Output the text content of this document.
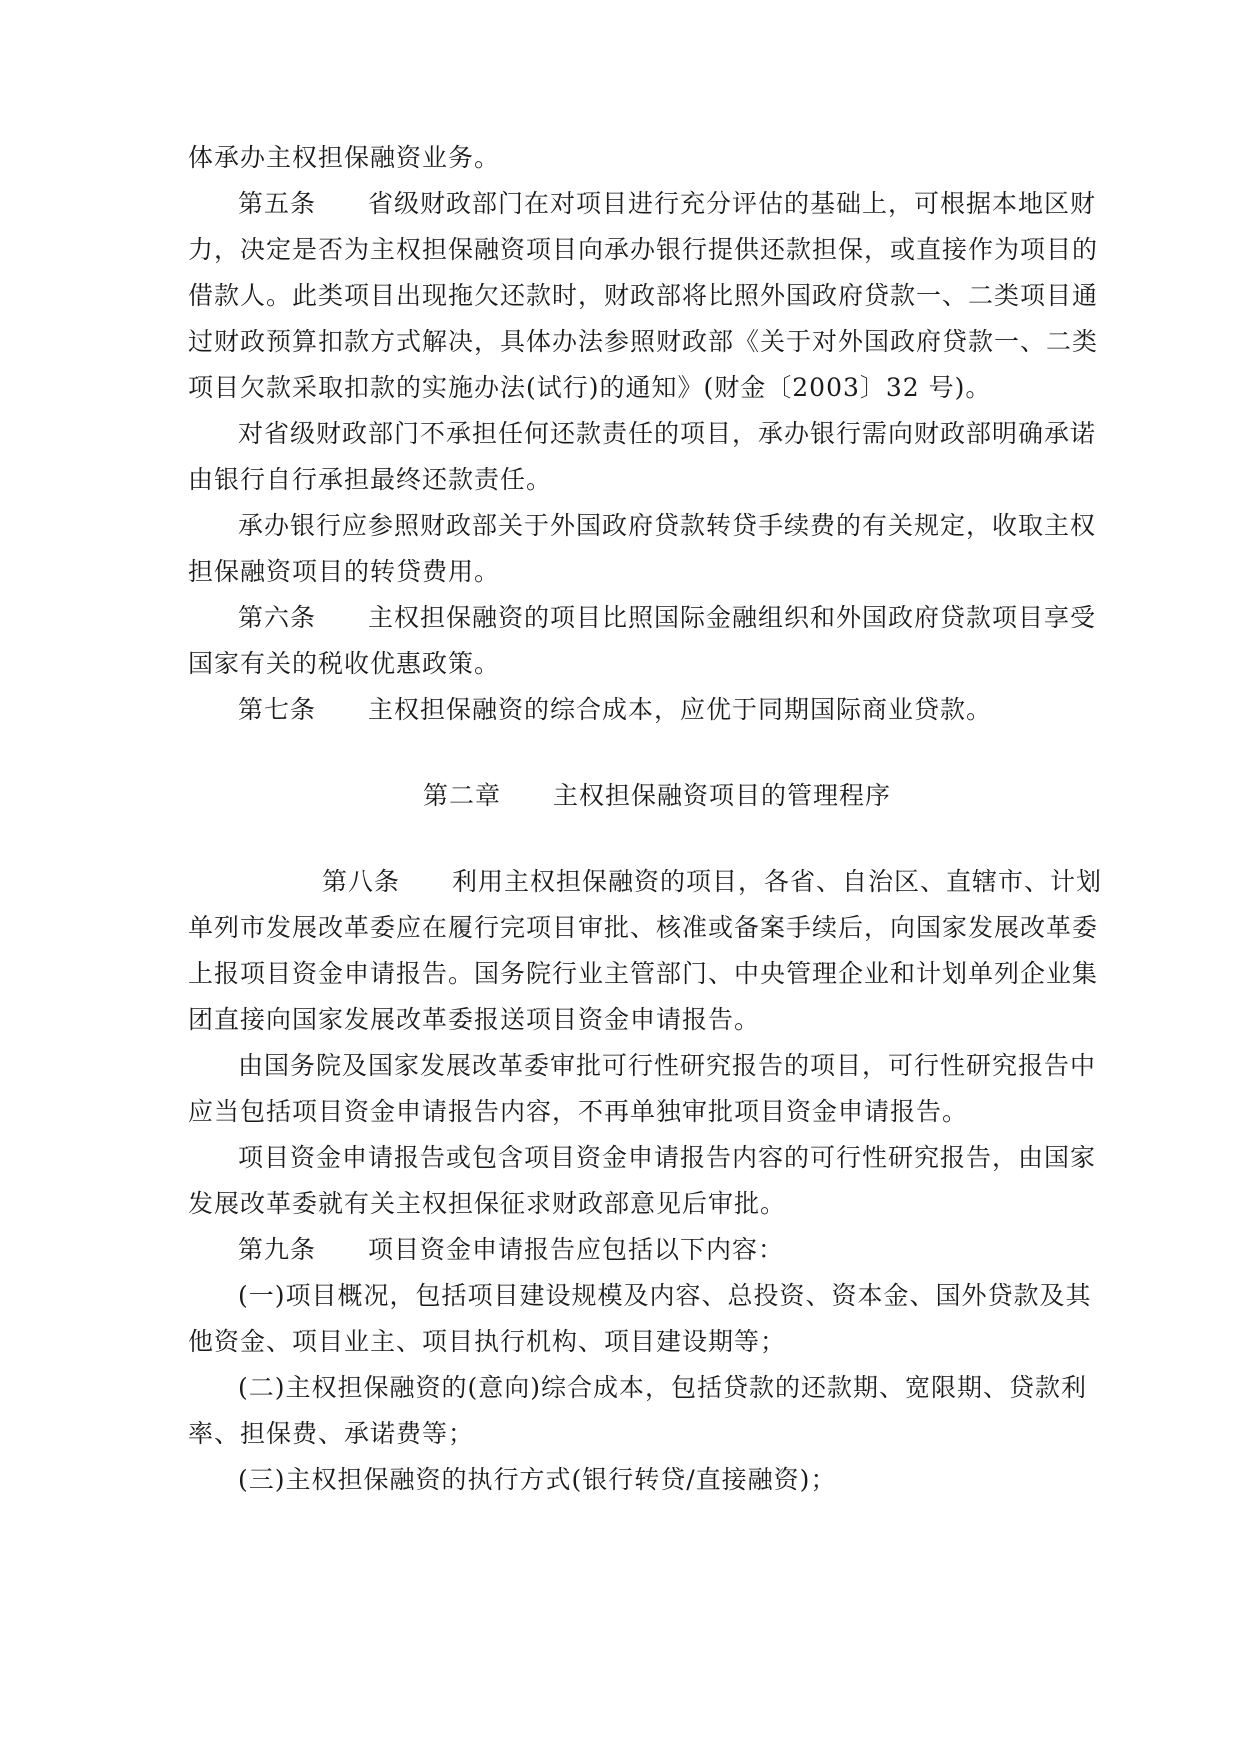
体承办主权担保融资业务。
第五条　　省级财政部门在对项目进行充分评估的基础上，可根据本地区财
力，决定是否为主权担保融资项目向承办银行提供还款担保，或直接作为项目的
借款人。此类项目出现拖欠还款时，财政部将比照外国政府贷款一、二类项目通
过财政预算扣款方式解决，具体办法参照财政部《关于对外国政府贷款一、二类
项目欠款采取扣款的实施办法(试行)的通知》(财金〔2003〕32 号)。
对省级财政部门不承担任何还款责任的项目，承办银行需向财政部明确承诺
由银行自行承担最终还款责任。
承办银行应参照财政部关于外国政府贷款转贷手续费的有关规定，收取主权
担保融资项目的转贷费用。
第六条　　主权担保融资的项目比照国际金融组织和外国政府贷款项目享受
国家有关的税收优惠政策。
第七条　　主权担保融资的综合成本，应优于同期国际商业贷款。
第二章　　主权担保融资项目的管理程序
第八条　　利用主权担保融资的项目，各省、自治区、直辖市、计划
单列市发展改革委应在履行完项目审批、核准或备案手续后，向国家发展改革委
上报项目资金申请报告。国务院行业主管部门、中央管理企业和计划单列企业集
团直接向国家发展改革委报送项目资金申请报告。
由国务院及国家发展改革委审批可行性研究报告的项目，可行性研究报告中
应当包括项目资金申请报告内容，不再单独审批项目资金申请报告。
项目资金申请报告或包含项目资金申请报告内容的可行性研究报告，由国家
发展改革委就有关主权担保征求财政部意见后审批。
第九条　　项目资金申请报告应包括以下内容：
(一)项目概况，包括项目建设规模及内容、总投资、资本金、国外贷款及其
他资金、项目业主、项目执行机构、项目建设期等；
(二)主权担保融资的(意向)综合成本，包括贷款的还款期、宽限期、贷款利
率、担保费、承诺费等；
(三)主权担保融资的执行方式(银行转贷/直接融资)；
